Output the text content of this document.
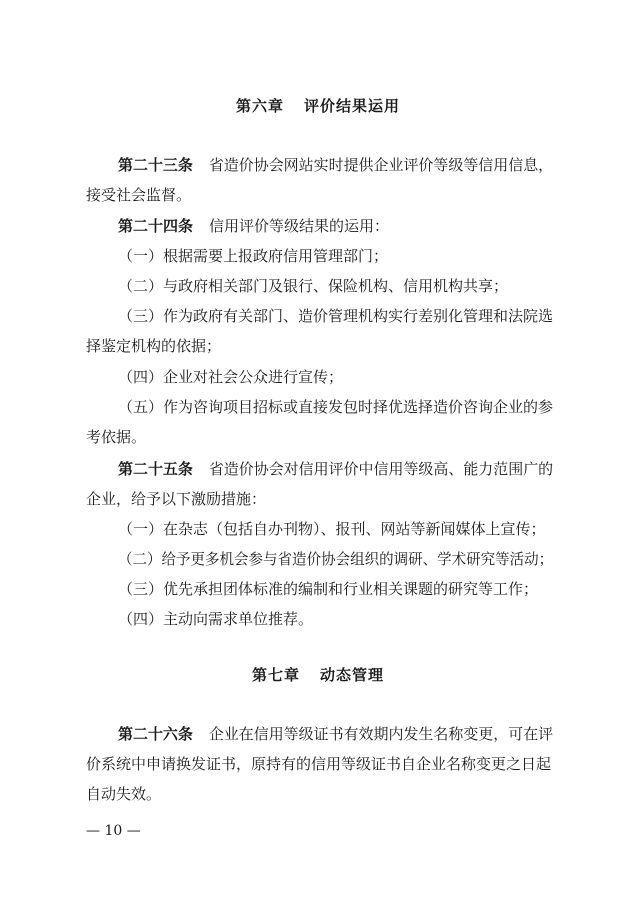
第六章 评价结果运用
第二十三条 省造价协会网站实时提供企业评价等级等信用信息，
接受社会监督。
第二十四条 信用评价等级结果的运用：
（一）根据需要上报政府信用管理部门；
（二）与政府相关部门及银行、保险机构、信用机构共享；
（三）作为政府有关部门、造价管理机构实行差别化管理和法院选
择鉴定机构的依据；
（四）企业对社会公众进行宣传；
（五）作为咨询项目招标或直接发包时择优选择造价咨询企业的参
考依据。
第二十五条 省造价协会对信用评价中信用等级高、能力范围广的
企业，给予以下激励措施：
（一）在杂志（包括自办刊物）、报刊、网站等新闻媒体上宣传；
（二）给予更多机会参与省造价协会组织的调研、学术研究等活动；
（三）优先承担团体标准的编制和行业相关课题的研究等工作；
（四）主动向需求单位推荐。
第七章 动态管理
第二十六条 企业在信用等级证书有效期内发生名称变更，可在评
价系统中申请换发证书，原持有的信用等级证书自企业名称变更之日起
自动失效。
— 10 —
